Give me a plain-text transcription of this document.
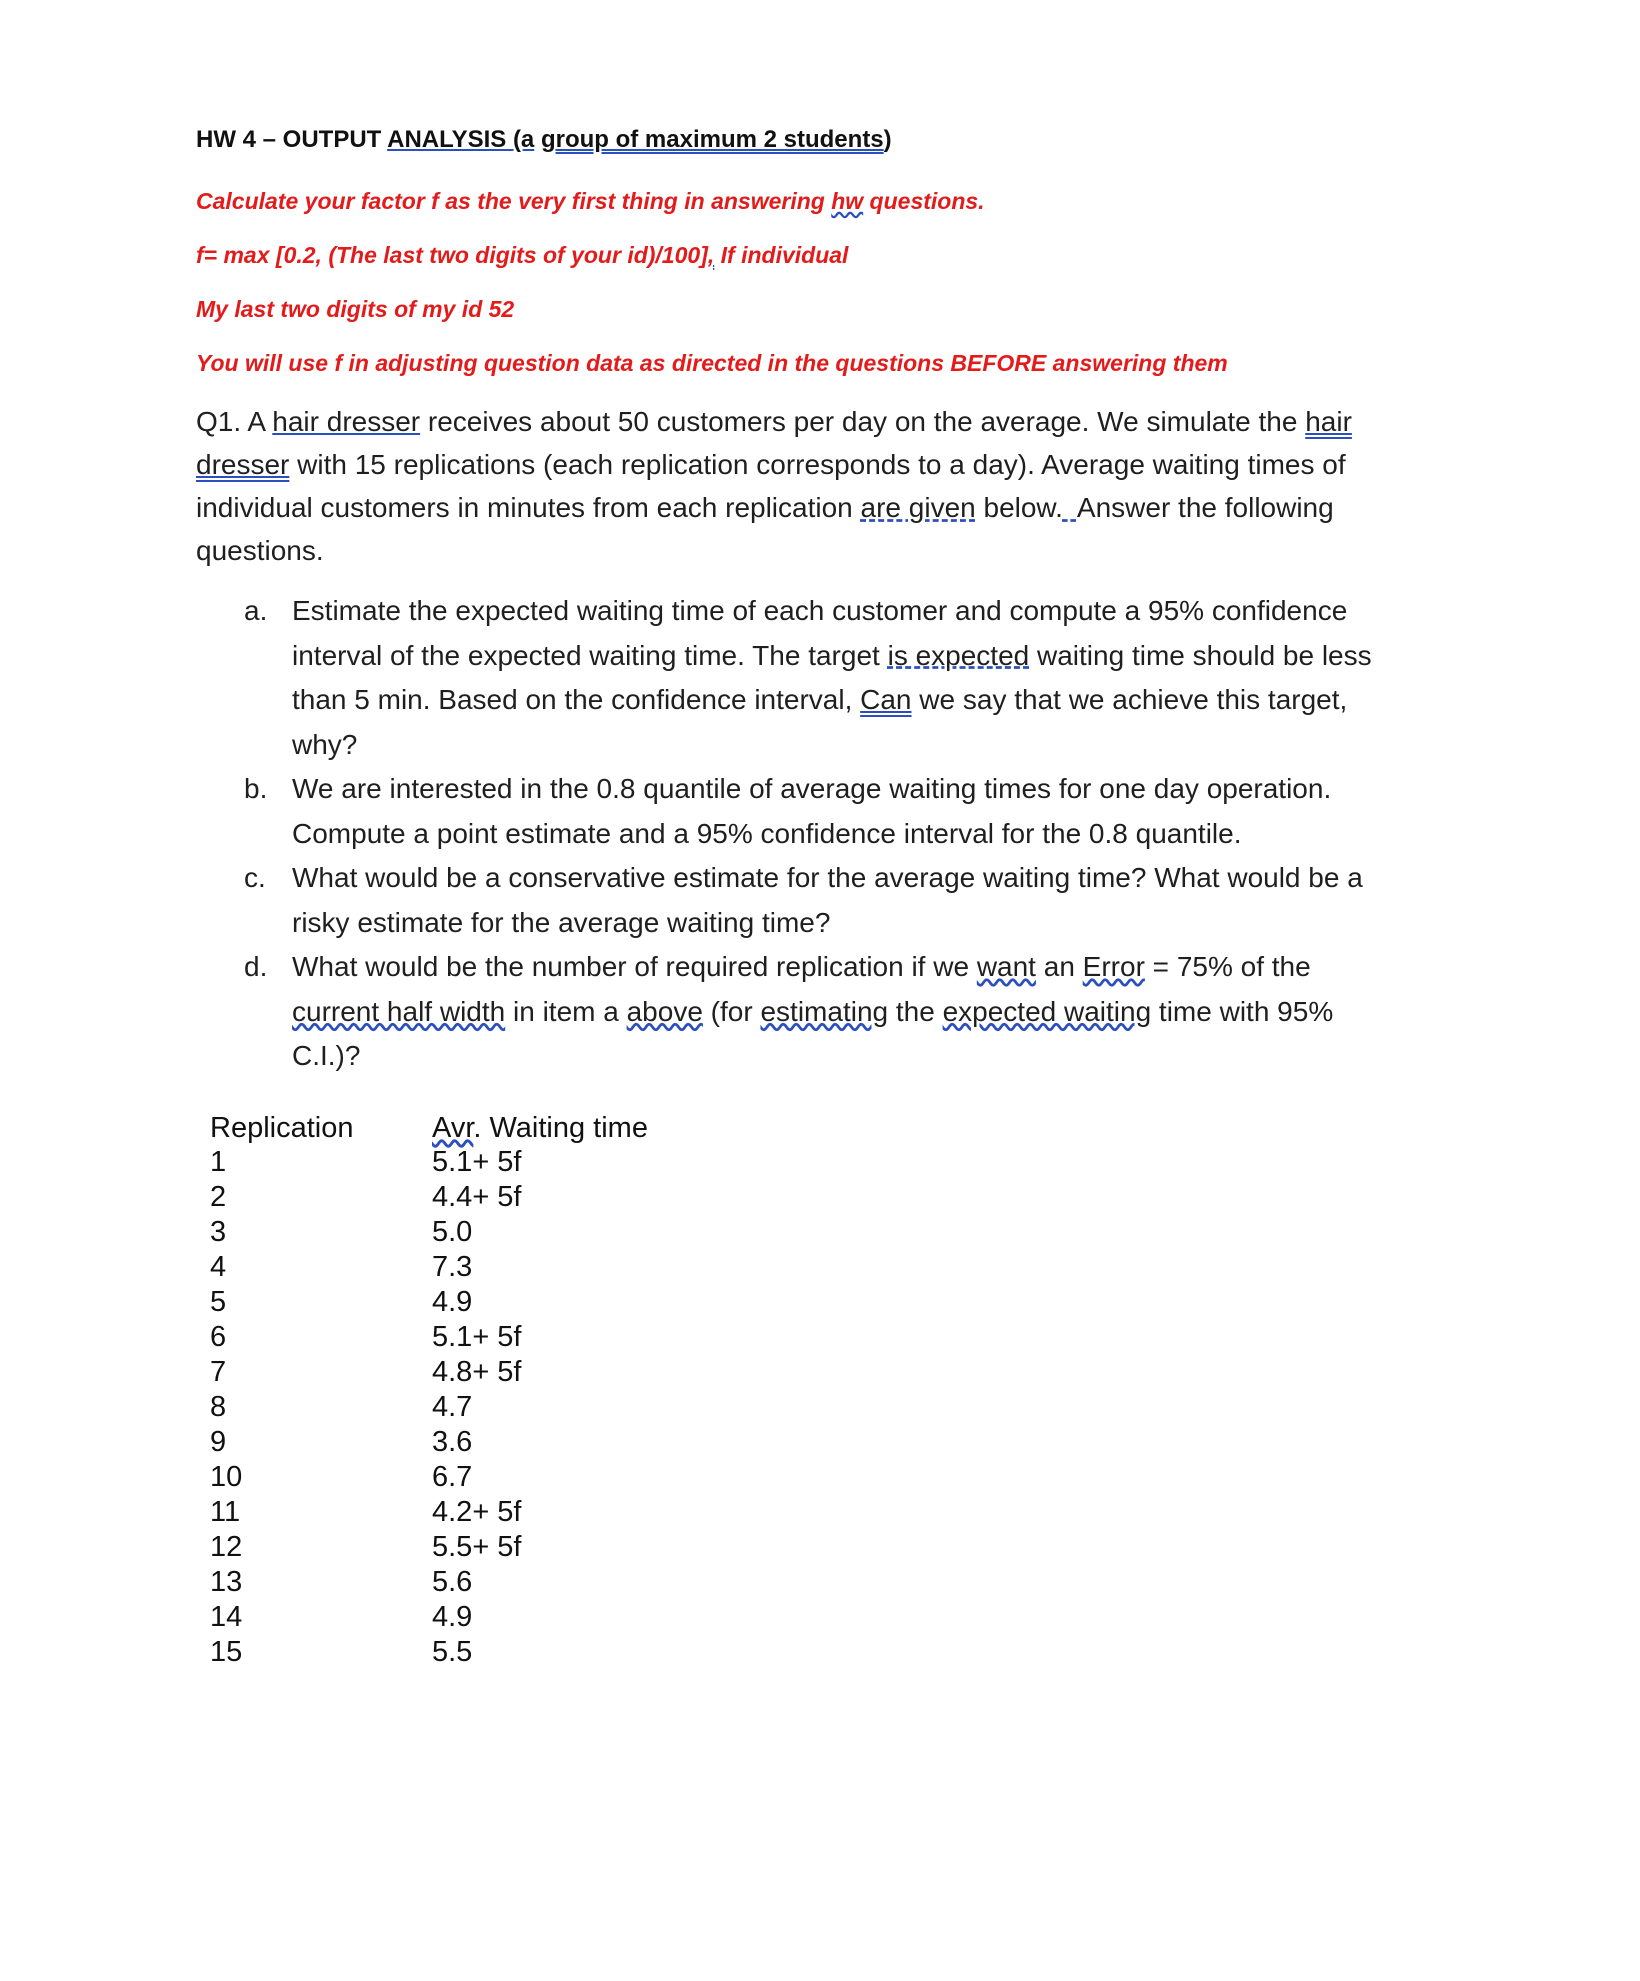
HW 4 – OUTPUT ANALYSIS (a group of maximum 2 students)
Calculate your factor f as the very first thing in answering hw questions.
f= max [0.2, (The last two digits of your id)/100], If individual
My last two digits of my id 52
You will use f in adjusting question data as directed in the questions BEFORE answering them
Q1. A hair dresser receives about 50 customers per day on the average. We simulate the hair
dresser with 15 replications (each replication corresponds to a day). Average waiting times of
individual customers in minutes from each replication are given below. Answer the following
questions.
a. Estimate the expected waiting time of each customer and compute a 95% confidence
interval of the expected waiting time. The target is expected waiting time should be less
than 5 min. Based on the confidence interval, Can we say that we achieve this target,
why?
b. We are interested in the 0.8 quantile of average waiting times for one day operation.
Compute a point estimate and a 95% confidence interval for the 0.8 quantile.
c. What would be a conservative estimate for the average waiting time? What would be a
risky estimate for the average waiting time?
d. What would be the number of required replication if we want an Error = 75% of the
current half width in item a above (for estimating the expected waiting time with 95%
C.I.)?
Replication	Avr. Waiting time
1	5.1+ 5f
2	4.4+ 5f
3	5.0
4	7.3
5	4.9
6	5.1+ 5f
7	4.8+ 5f
8	4.7
9	3.6
10	6.7
11	4.2+ 5f
12	5.5+ 5f
13	5.6
14	4.9
15	5.5
